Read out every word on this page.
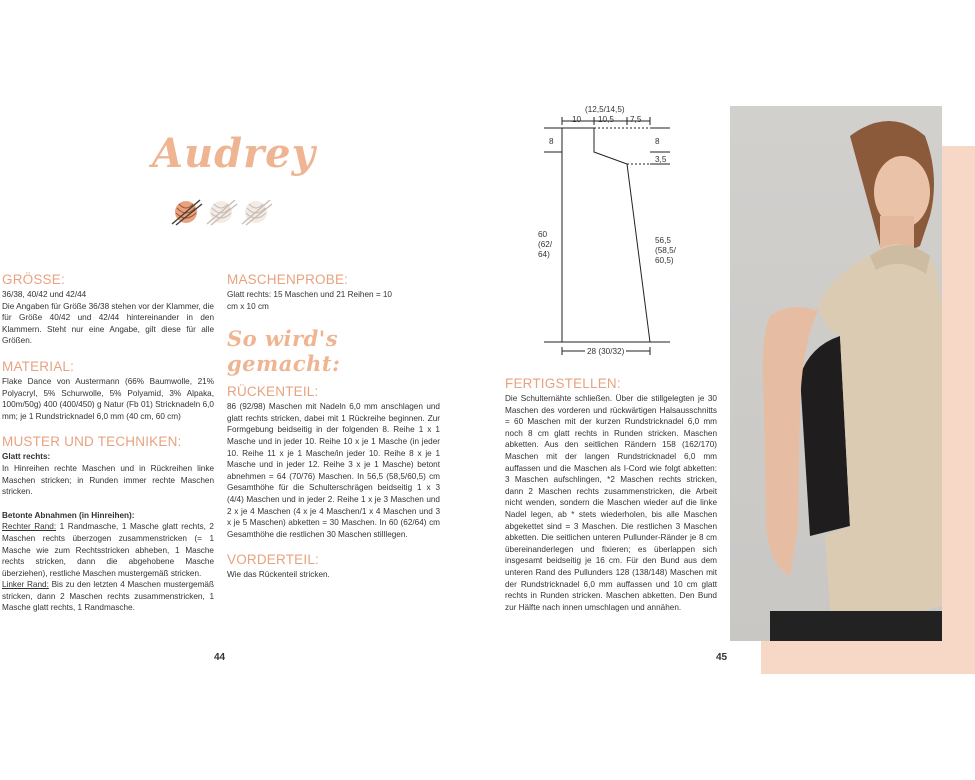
Audrey
GRÖSSE:

36/38, 40/42 und 42/44

Die Angaben für Größe 36/38 stehen vor der Klammer, die für Größe 40/42 und 42/44 hintereinander in den Klammern. Steht nur eine Angabe, gilt diese für alle Größen.

MATERIAL:
Flake Dance von Austermann (66% Baumwolle, 21% Polyacryl, 5% Schurwolle, 5% Polyamid, 3% Alpaka, 100m/50g) 400 (400/450) g Natur (Fb 01) Stricknadeln 6,0 mm; je 1 Rundstricknadel 6,0 mm (40 cm, 60 cm)
MUSTER UND TECHNIKEN:

Glatt rechts:

In Hinreihen rechte Maschen und in Rückreihen linke Maschen stricken; in Runden immer rechte Maschen stricken.

Betonte Abnahmen (in Hinreihen):

Rechter Rand: 1 Randmasche, 1 Masche glatt rechts, 2 Maschen rechts überzogen zusammenstricken (= 1 Masche wie zum Rechtsstricken abheben, 1 Masche rechts stricken, dann die abgehobene Masche überziehen), restliche Maschen mustergemäß stricken.

Linker Rand: Bis zu den letzten 4 Maschen mustergemäß stricken, dann 2 Maschen rechts zusammenstricken, 1 Masche glatt rechts, 1 Randmasche.

MASCHENPROBE:
Glatt rechts: 15 Maschen und 21 Reihen = 10 cm x 10 cm
So wird's gemacht:
RÜCKENTEIL:
86 (92/98) Maschen mit Nadeln 6,0 mm anschlagen und glatt rechts stricken, dabei mit 1 Rückreihe beginnen. Zur Formgebung beidseitig in der folgenden 8. Reihe 1 x 1 Masche und in jeder 10. Reihe 10 x je 1 Masche (in jeder 10. Reihe 11 x je 1 Masche/in jeder 10. Reihe 8 x je 1 Masche und in jeder 12. Reihe 3 x je 1 Masche) betont abnehmen = 64 (70/76) Maschen. In 56,5 (58,5/60,5) cm Gesamthöhe für die Schulterschrägen beidseitig 1 x 3 (4/4) Maschen und in jeder 2. Reihe 1 x je 3 Maschen und 2 x je 4 Maschen (4 x je 4 Maschen/1 x 4 Maschen und 3 x je 5 Maschen) abketten = 30 Maschen. In 60 (62/64) cm Gesamthöhe die restlichen 30 Maschen stilllegen.
VORDERTEIL:
Wie das Rückenteil stricken.
44
(12,5/14,5)
10 10,5 7,5
8	8
3,5
60
(62/
64)
56,5
(58,5/
60,5)
28 (30/32)
FERTIGSTELLEN:
Die Schulternähte schließen. Über die stillgelegten je 30 Maschen des vorderen und rückwärtigen Halsausschnitts = 60 Maschen mit der kurzen Rundstricknadel 6,0 mm noch 8 cm glatt rechts in Runden stricken. Maschen abketten. Aus den seitlichen Rändern 158 (162/170) Maschen mit der langen Rundstricknadel 6,0 mm auffassen und die Maschen als I-Cord wie folgt abketten: 3 Maschen aufschlingen, *2 Maschen rechts stricken, dann 2 Maschen rechts zusammenstricken, die Arbeit nicht wenden, sondern die Maschen wieder auf die linke Nadel legen, ab * stets wiederholen, bis alle Maschen abgekettet sind = 3 Maschen. Die restlichen 3 Maschen abketten. Die seitlichen unteren Pullunder-Ränder je 8 cm übereinanderlegen und fixieren; es überlappen sich insgesamt beidseitig je 16 cm. Für den Bund aus dem unteren Rand des Pullunders 128 (138/148) Maschen mit der Rundstricknadel 6,0 mm auffassen und 10 cm glatt rechts in Runden stricken. Maschen abketten. Den Bund zur Hälfte nach innen umschlagen und annähen.
45
